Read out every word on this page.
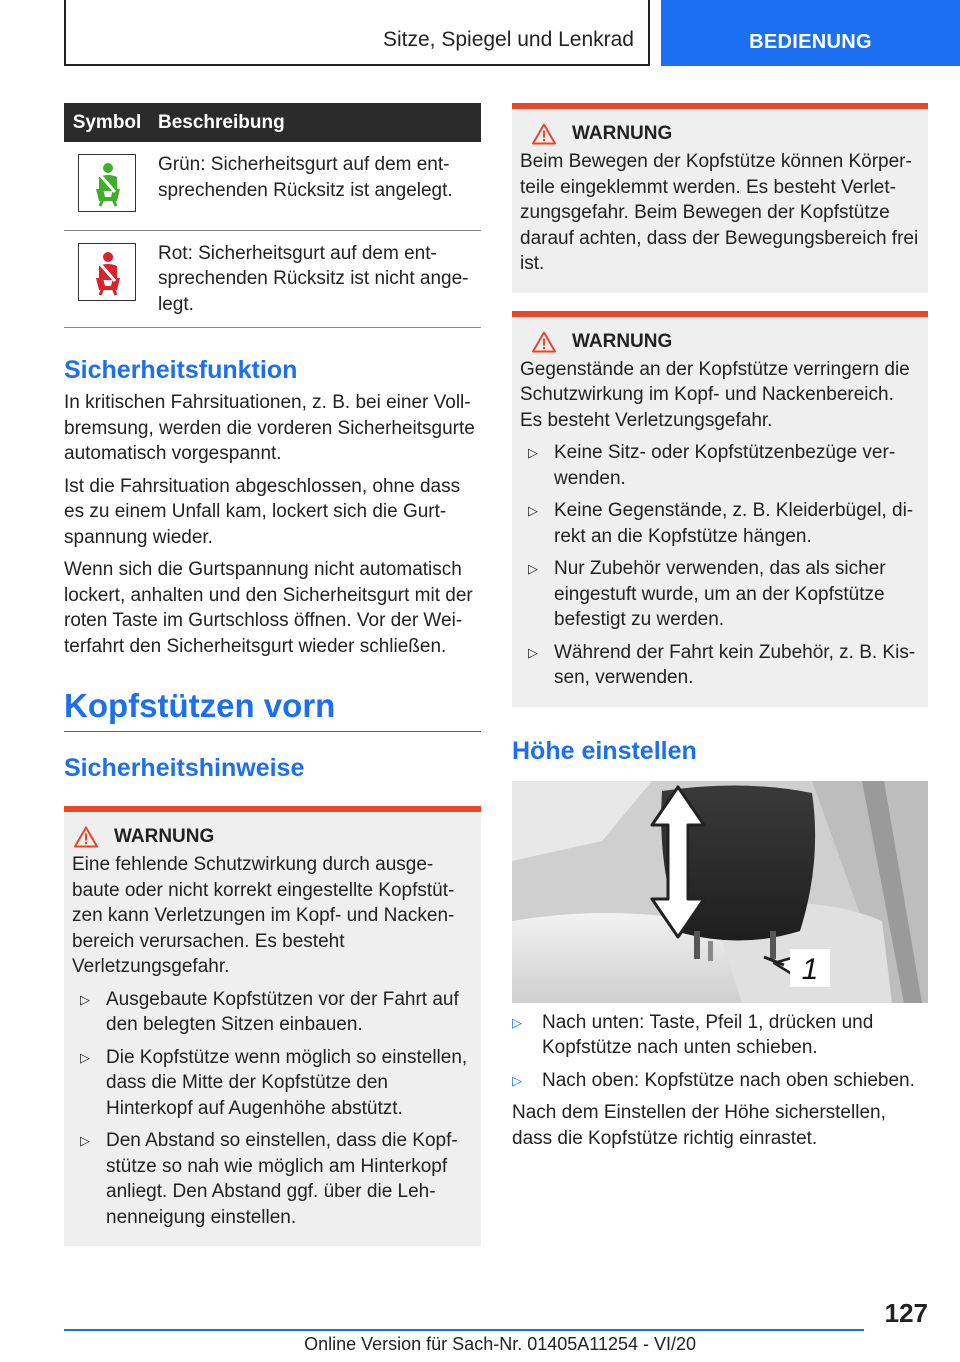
Sitze, Spiegel und Lenkrad	BEDIENUNG
Symbol	Beschreibung

	Grün: Sicherheitsgurt auf dem entsprechenden Rücksitz ist angelegt.

	Rot: Sicherheitsgurt auf dem entsprechenden Rücksitz ist nicht angelegt.
Sicherheitsfunktion

In kritischen Fahrsituationen, z. B. bei einer Vollbremsung, werden die vorderen Sicherheitsgurte automatisch vorgespannt.

Ist die Fahrsituation abgeschlossen, ohne dass es zu einem Unfall kam, lockert sich die Gurtspannung wieder.

Wenn sich die Gurtspannung nicht automatisch lockert, anhalten und den Sicherheitsgurt mit der roten Taste im Gurtschloss öffnen. Vor der Weiterfahrt den Sicherheitsgurt wieder schließen.

Kopfstützen vorn
Sicherheitshinweise
WARNUNG

Eine fehlende Schutzwirkung durch ausgebaute oder nicht korrekt eingestellte Kopfstützen kann Verletzungen im Kopf- und Nackenbereich verursachen. Es besteht Verletzungsgefahr.

▷ Ausgebaute Kopfstützen vor der Fahrt auf den belegten Sitzen einbauen.
▷ Die Kopfstütze wenn möglich so einstellen, dass die Mitte der Kopfstütze den Hinterkopf auf Augenhöhe abstützt.
▷ Den Abstand so einstellen, dass die Kopfstütze so nah wie möglich am Hinterkopf anliegt. Den Abstand ggf. über die Lehnenneigung einstellen.
WARNUNG

Beim Bewegen der Kopfstütze können Körperteile eingeklemmt werden. Es besteht Verletzungsgefahr. Beim Bewegen der Kopfstütze darauf achten, dass der Bewegungsbereich frei ist.

WARNUNG

Gegenstände an der Kopfstütze verringern die Schutzwirkung im Kopf- und Nackenbereich. Es besteht Verletzungsgefahr.

▷ Keine Sitz- oder Kopfstützenbezüge verwenden.
▷ Keine Gegenstände, z. B. Kleiderbügel, direkt an die Kopfstütze hängen.
▷ Nur Zubehör verwenden, das als sicher eingestuft wurde, um an der Kopfstütze befestigt zu werden.
▷ Während der Fahrt kein Zubehör, z. B. Kissen, verwenden.
Höhe einstellen
1
▷	Nach unten: Taste, Pfeil 1, drücken und Kopfstütze nach unten schieben.
▷	Nach oben: Kopfstütze nach oben schieben.

Nach dem Einstellen der Höhe sicherstellen, dass die Kopfstütze richtig einrastet.

127
Online Version für Sach-Nr. 01405A11254 - VI/20
